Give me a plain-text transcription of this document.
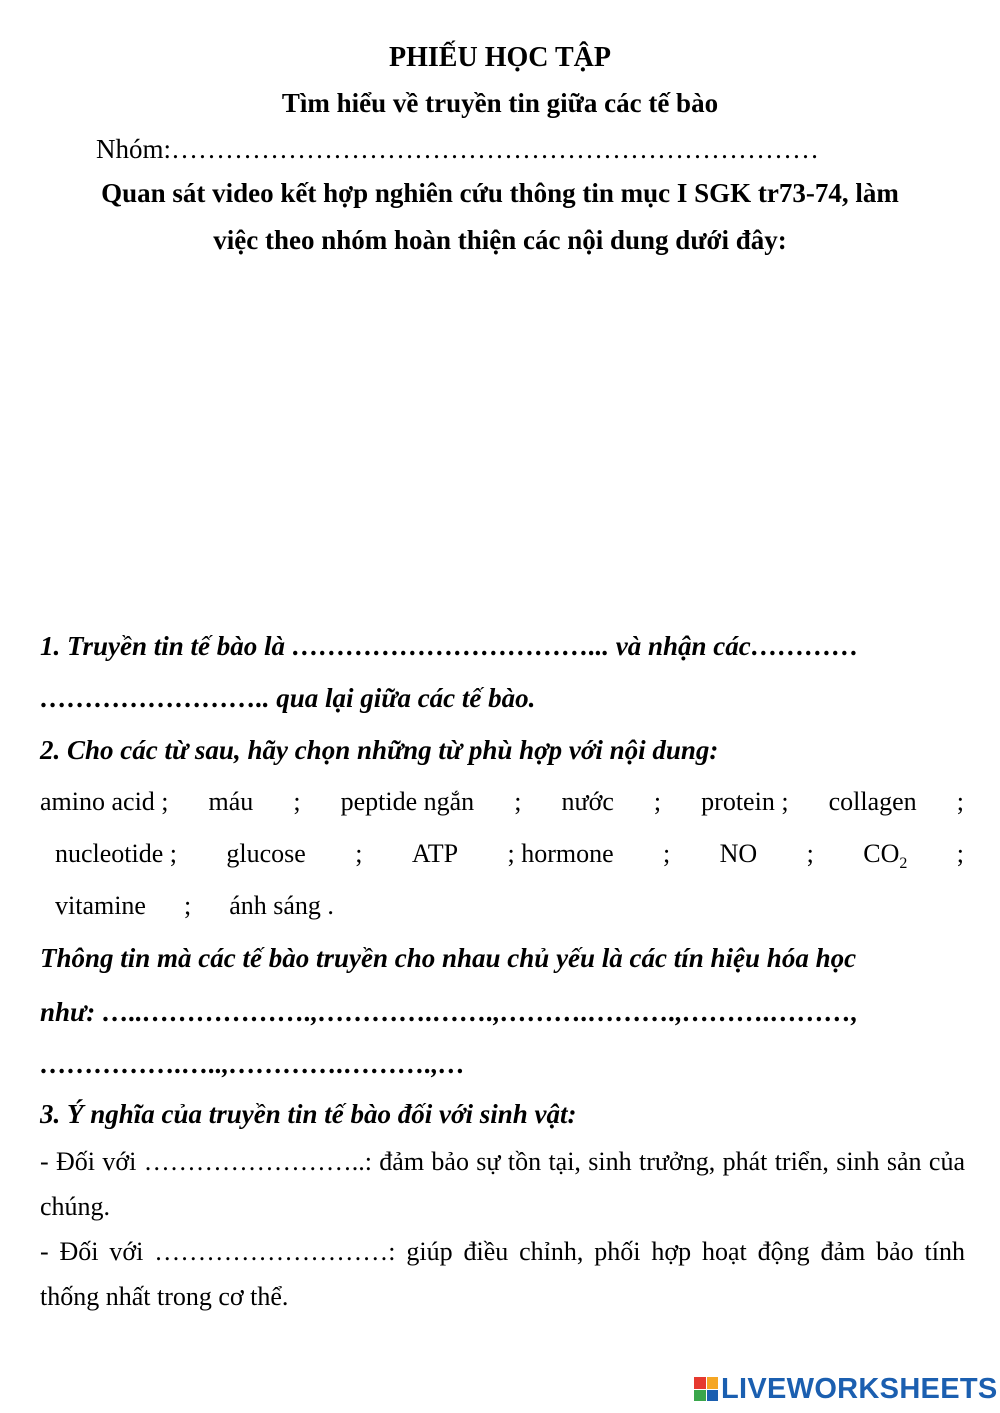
PHIẾU HỌC TẬP
Tìm hiểu về truyền tin giữa các tế bào
Nhóm:………………………………………………………………
Quan sát video kết hợp nghiên cứu thông tin mục I SGK tr73-74, làm
việc theo nhóm hoàn thiện các nội dung dưới đây:
1. Truyền tin tế bào là ……………………………... và nhận các…………
…………………….. qua lại giữa các tế bào.
2. Cho các từ sau, hãy chọn những từ phù hợp với nội dung:
amino acid ; máu ; peptide ngắn ; nước ; protein ; collagen ;
nucleotide ; glucose ; ATP ; hormone ; NO ; $CO_2$ ;
vitamine ; ánh sáng .
Thông tin mà các tế bào truyền cho nhau chủ yếu là các tín hiệu hóa học
như: …..……………….,………….…….,……….……….,……….………,
…………….…..,………….……….,…
3. Ý nghĩa của truyền tin tế bào đối với sinh vật:
- Đối với ……………………..: đảm bảo sự tồn tại, sinh trưởng, phát triển, sinh sản của chúng.
- Đối với ………………………: giúp điều chỉnh, phối hợp hoạt động đảm bảo tính thống nhất trong cơ thể.
LIVEWORKSHEETS
